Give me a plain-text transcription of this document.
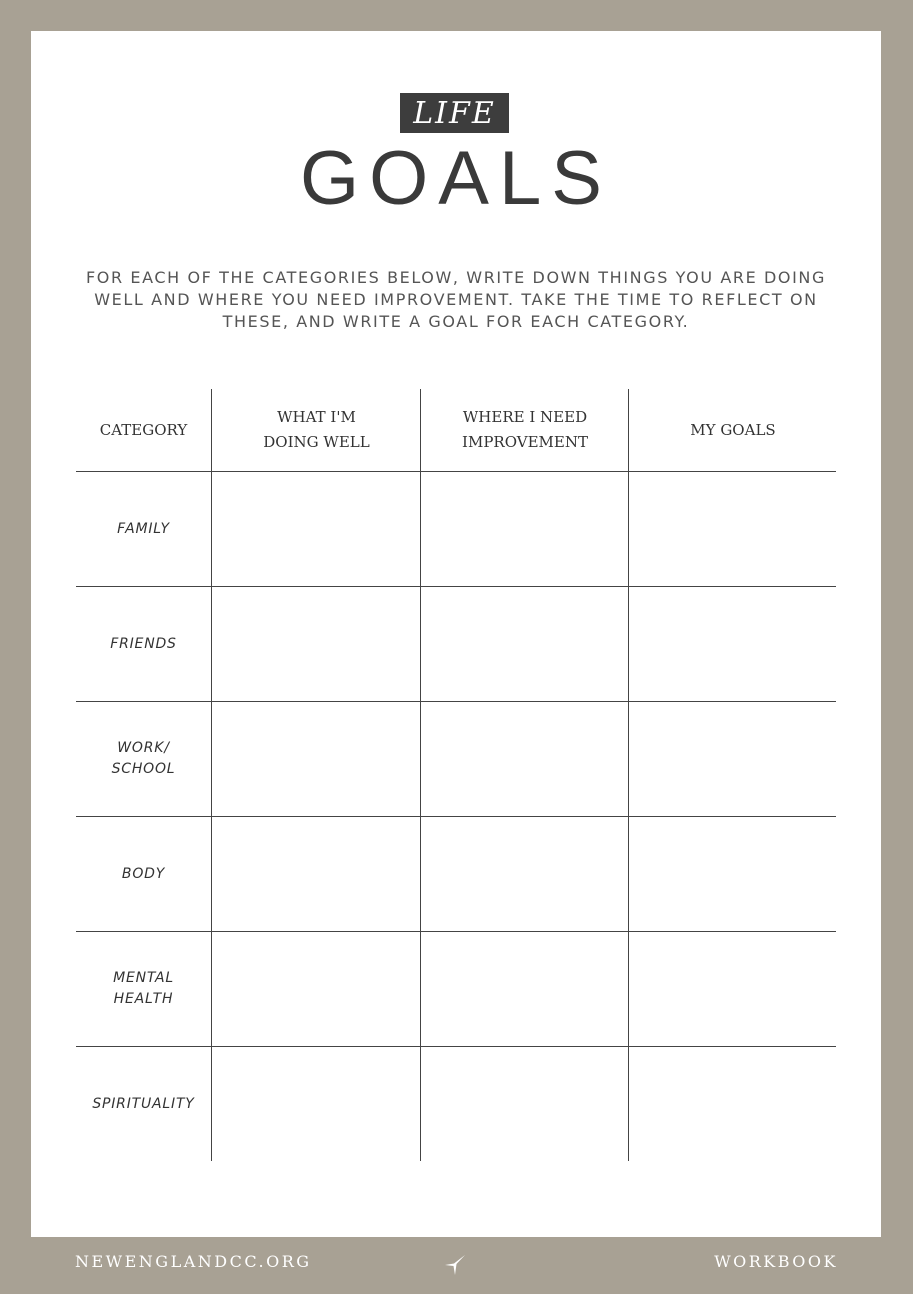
LIFE
GOALS
FOR EACH OF THE CATEGORIES BELOW, WRITE DOWN THINGS YOU ARE DOING WELL AND WHERE YOU NEED IMPROVEMENT. TAKE THE TIME TO REFLECT ON THESE, AND WRITE A GOAL FOR EACH CATEGORY.
CATEGORY
WHAT I'M
DOING WELL
WHERE I NEED
IMPROVEMENT
MY GOALS
FAMILY
FRIENDS
WORK/
SCHOOL
BODY
MENTAL
HEALTH
SPIRITUALITY
NEWENGLANDCC.ORG	WORKBOOK
